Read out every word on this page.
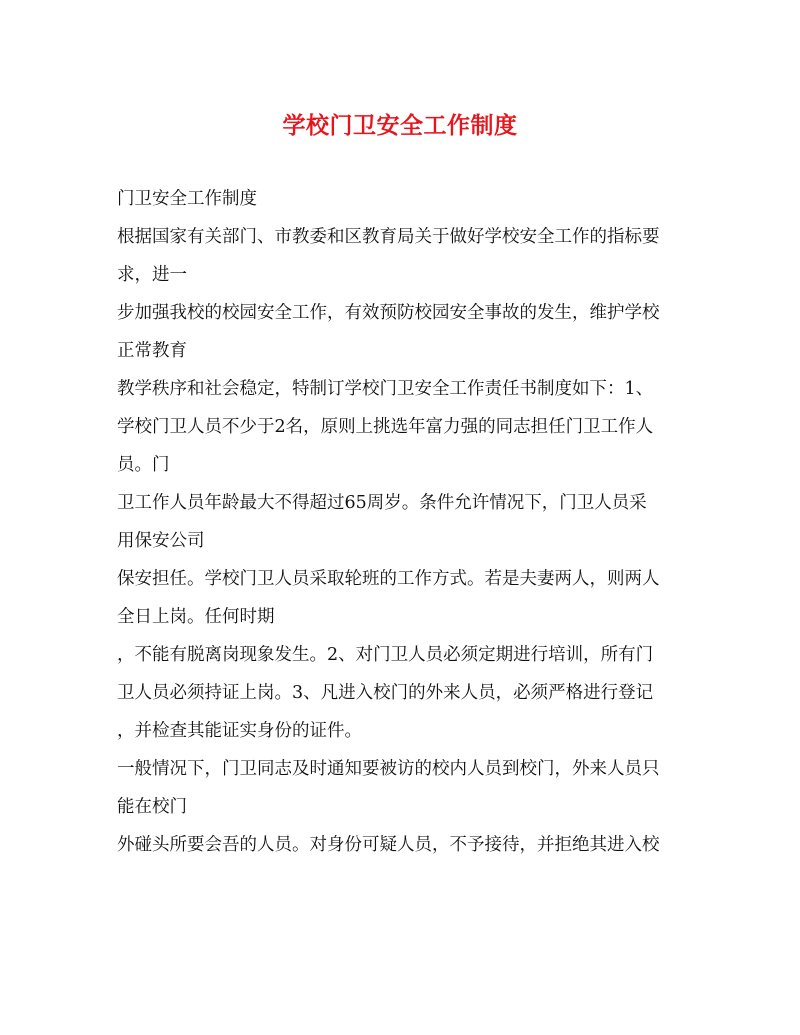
学校门卫安全工作制度
门卫安全工作制度
根据国家有关部门、市教委和区教育局关于做好学校安全工作的指标要
求，进一
步加强我校的校园安全工作，有效预防校园安全事故的发生，维护学校
正常教育
教学秩序和社会稳定，特制订学校门卫安全工作责任书制度如下：1、
学校门卫人员不少于2名，原则上挑选年富力强的同志担任门卫工作人
员。门
卫工作人员年龄最大不得超过65周岁。条件允许情况下，门卫人员采
用保安公司
保安担任。学校门卫人员采取轮班的工作方式。若是夫妻两人，则两人
全日上岗。任何时期
，不能有脱离岗现象发生。2、对门卫人员必须定期进行培训，所有门
卫人员必须持证上岗。3、凡进入校门的外来人员，必须严格进行登记
，并检查其能证实身份的证件。
一般情况下，门卫同志及时通知要被访的校内人员到校门，外来人员只
能在校门
外碰头所要会吾的人员。对身份可疑人员，不予接待，并拒绝其进入校
